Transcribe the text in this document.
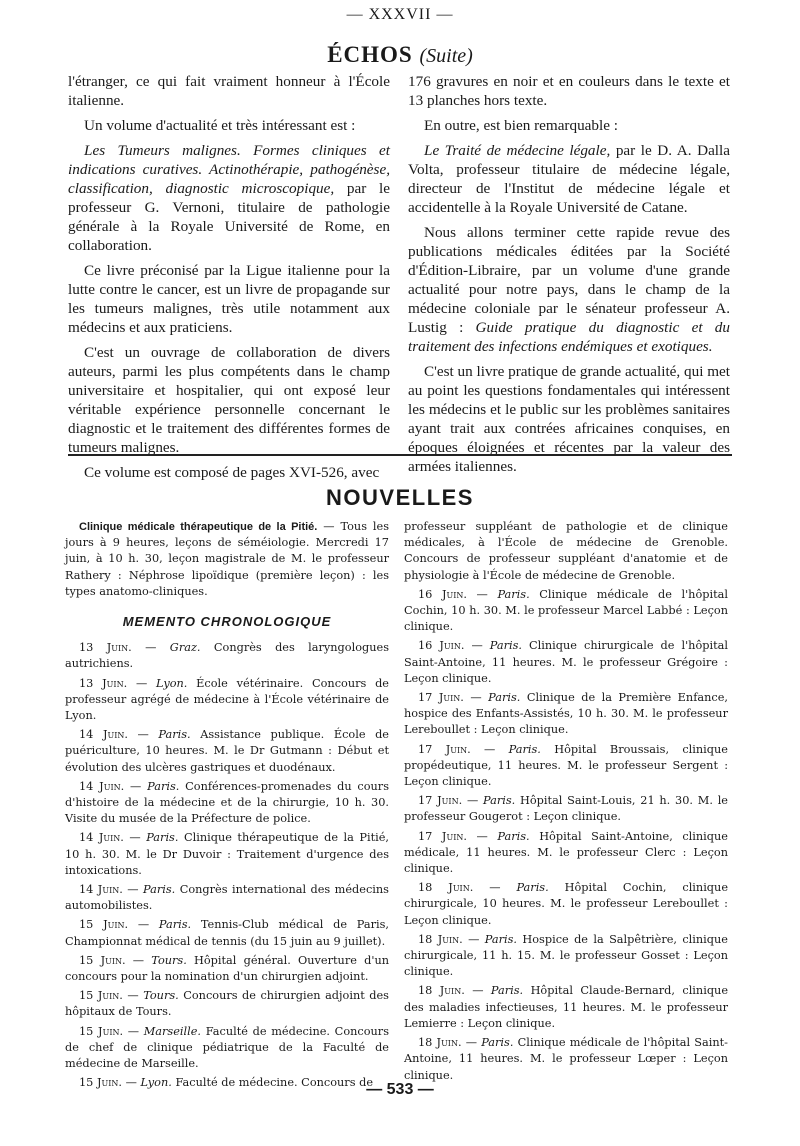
— XXXVII —
ÉCHOS (Suite)

l'étranger, ce qui fait vraiment honneur à l'École italienne.

Un volume d'actualité et très intéressant est :

Les Tumeurs malignes. Formes cliniques et indications curatives. Actinothérapie, pathogénèse, classification, diagnostic microscopique, par le professeur G. Vernoni, titulaire de pathologie générale à la Royale Université de Rome, en collaboration.

Ce livre préconisé par la Ligue italienne pour la lutte contre le cancer, est un livre de propagande sur les tumeurs malignes, très utile notamment aux médecins et aux praticiens.

C'est un ouvrage de collaboration de divers auteurs, parmi les plus compétents dans le champ universitaire et hospitalier, qui ont exposé leur véritable expérience personnelle concernant le diagnostic et le traitement des différentes formes de tumeurs malignes.

Ce volume est composé de pages XVI-526, avec

176 gravures en noir et en couleurs dans le texte et 13 planches hors texte.

En outre, est bien remarquable :

Le Traité de médecine légale, par le D. A. Dalla Volta, professeur titulaire de médecine légale, directeur de l'Institut de médecine légale et accidentelle à la Royale Université de Catane.

Nous allons terminer cette rapide revue des publications médicales éditées par la Société d'Édition-Libraire, par un volume d'une grande actualité pour notre pays, dans le champ de la médecine coloniale par le sénateur professeur A. Lustig : Guide pratique du diagnostic et du traitement des infections endémiques et exotiques.

C'est un livre pratique de grande actualité, qui met au point les questions fondamentales qui intéressent les médecins et le public sur les problèmes sanitaires ayant trait aux contrées africaines conquises, en époques éloignées et récentes par la valeur des armées italiennes.

NOUVELLES

Clinique médicale thérapeutique de la Pitié. — Tous les jours à 9 heures, leçons de séméiologie. Mercredi 17 juin, à 10 h. 30, leçon magistrale de M. le professeur Rathery : Néphrose lipoïdique (première leçon) : les types anatomo-cliniques.

MEMENTO CHRONOLOGIQUE

13 Juin. — Graz. Congrès des laryngologues autrichiens.

13 Juin. — Lyon. École vétérinaire. Concours de professeur agrégé de médecine à l'École vétérinaire de Lyon.

14 Juin. — Paris. Assistance publique. École de puériculture, 10 heures. M. le Dr Gutmann : Début et évolution des ulcères gastriques et duodénaux.

14 Juin. — Paris. Conférences-promenades du cours d'histoire de la médecine et de la chirurgie, 10 h. 30. Visite du musée de la Préfecture de police.

14 Juin. — Paris. Clinique thérapeutique de la Pitié, 10 h. 30. M. le Dr Duvoir : Traitement d'urgence des intoxications.

14 Juin. — Paris. Congrès international des médecins automobilistes.

15 Juin. — Paris. Tennis-Club médical de Paris, Championnat médical de tennis (du 15 juin au 9 juillet).

15 Juin. — Tours. Hôpital général. Ouverture d'un concours pour la nomination d'un chirurgien adjoint.

15 Juin. — Tours. Concours de chirurgien adjoint des hôpitaux de Tours.

15 Juin. — Marseille. Faculté de médecine. Concours de chef de clinique pédiatrique de la Faculté de médecine de Marseille.

15 Juin. — Lyon. Faculté de médecine. Concours de

professeur suppléant de pathologie et de clinique médicales, à l'École de médecine de Grenoble. Concours de professeur suppléant d'anatomie et de physiologie à l'École de médecine de Grenoble.

16 Juin. — Paris. Clinique médicale de l'hôpital Cochin, 10 h. 30. M. le professeur Marcel Labbé : Leçon clinique.

16 Juin. — Paris. Clinique chirurgicale de l'hôpital Saint-Antoine, 11 heures. M. le professeur Grégoire : Leçon clinique.

17 Juin. — Paris. Clinique de la Première Enfance, hospice des Enfants-Assistés, 10 h. 30. M. le professeur Lereboullet : Leçon clinique.

17 Juin. — Paris. Hôpital Broussais, clinique propédeutique, 11 heures. M. le professeur Sergent : Leçon clinique.

17 Juin. — Paris. Hôpital Saint-Louis, 21 h. 30. M. le professeur Gougerot : Leçon clinique.

17 Juin. — Paris. Hôpital Saint-Antoine, clinique médicale, 11 heures. M. le professeur Clerc : Leçon clinique.

18 Juin. — Paris. Hôpital Cochin, clinique chirurgicale, 10 heures. M. le professeur Lereboullet : Leçon clinique.

18 Juin. — Paris. Hospice de la Salpêtrière, clinique chirurgicale, 11 h. 15. M. le professeur Gosset : Leçon clinique.

18 Juin. — Paris. Hôpital Claude-Bernard, clinique des maladies infectieuses, 11 heures. M. le professeur Lemierre : Leçon clinique.

18 Juin. — Paris. Clinique médicale de l'hôpital Saint-Antoine, 11 heures. M. le professeur Lœper : Leçon clinique.

— 533 —
